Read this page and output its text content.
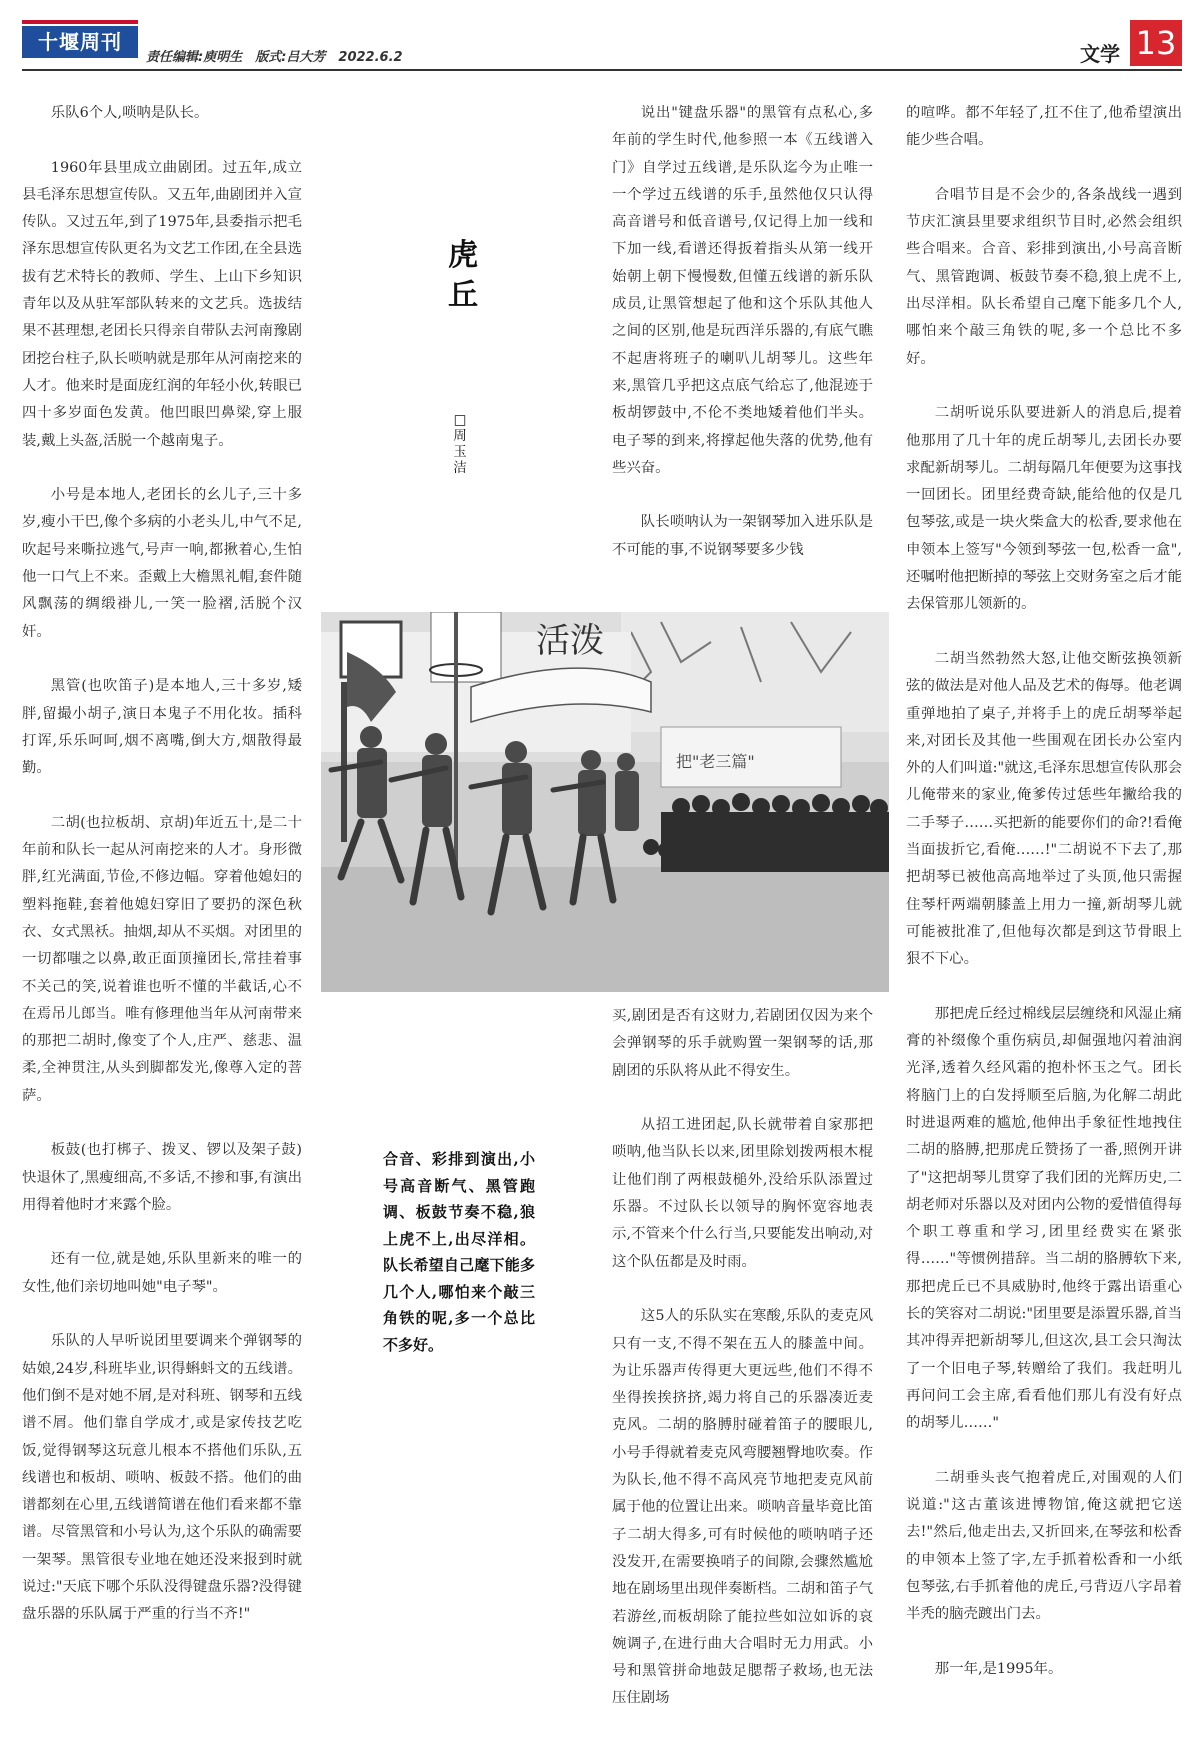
十堰周刊
责任编辑:庾明生　版式:吕大芳　2022.6.2	文学 13

乐队6个人,唢呐是队长。

1960年县里成立曲剧团。过五年,成立县毛泽东思想宣传队。又五年,曲剧团并入宣传队。又过五年,到了1975年,县委指示把毛泽东思想宣传队更名为文艺工作团,在全县选拔有艺术特长的教师、学生、上山下乡知识青年以及从驻军部队转来的文艺兵。选拔结果不甚理想,老团长只得亲自带队去河南豫剧团挖台柱子,队长唢呐就是那年从河南挖来的人才。他来时是面庞红润的年轻小伙,转眼已四十多岁面色发黄。他凹眼凹鼻梁,穿上服装,戴上头盔,活脱一个越南鬼子。

小号是本地人,老团长的幺儿子,三十多岁,瘦小干巴,像个多病的小老头儿,中气不足,吹起号来嘶拉逃气,号声一响,都揪着心,生怕他一口气上不来。歪戴上大檐黑礼帽,套件随风飘荡的绸缎褂儿,一笑一脸褶,活脱个汉奸。

黑管(也吹笛子)是本地人,三十多岁,矮胖,留撮小胡子,演日本鬼子不用化妆。插科打诨,乐乐呵呵,烟不离嘴,倒大方,烟散得最勤。

二胡(也拉板胡、京胡)年近五十,是二十年前和队长一起从河南挖来的人才。身形微胖,红光满面,节俭,不修边幅。穿着他媳妇的塑料拖鞋,套着他媳妇穿旧了要扔的深色秋衣、女式黑袄。抽烟,却从不买烟。对团里的一切都嗤之以鼻,敢正面顶撞团长,常挂着事不关己的笑,说着谁也听不懂的半截话,心不在焉吊儿郎当。唯有修理他当年从河南带来的那把二胡时,像变了个人,庄严、慈悲、温柔,全神贯注,从头到脚都发光,像尊入定的菩萨。

板鼓(也打梆子、拨叉、锣以及架子鼓)快退休了,黑瘦细高,不多话,不掺和事,有演出用得着他时才来露个脸。

还有一位,就是她,乐队里新来的唯一的女性,他们亲切地叫她"电子琴"。

乐队的人早听说团里要调来个弹钢琴的姑娘,24岁,科班毕业,识得蝌蚪文的五线谱。他们倒不是对她不屑,是对科班、钢琴和五线谱不屑。他们靠自学成才,或是家传技艺吃饭,觉得钢琴这玩意儿根本不搭他们乐队,五线谱也和板胡、唢呐、板鼓不搭。他们的曲谱都刻在心里,五线谱简谱在他们看来都不靠谱。尽管黑管和小号认为,这个乐队的确需要一架琴。黑管很专业地在她还没来报到时就说过:"天底下哪个乐队没得键盘乐器?没得键盘乐器的乐队属于严重的行当不齐!"

虎丘
□周玉洁

说出"键盘乐器"的黑管有点私心,多年前的学生时代,他参照一本《五线谱入门》自学过五线谱,是乐队迄今为止唯一一个学过五线谱的乐手,虽然他仅只认得高音谱号和低音谱号,仅记得上加一线和下加一线,看谱还得扳着指头从第一线开始朝上朝下慢慢数,但懂五线谱的新乐队成员,让黑管想起了他和这个乐队其他人之间的区别,他是玩西洋乐器的,有底气瞧不起唐将班子的喇叭儿胡琴儿。这些年来,黑管几乎把这点底气给忘了,他混迹于板胡锣鼓中,不伦不类地矮着他们半头。电子琴的到来,将撑起他失落的优势,他有些兴奋。

队长唢呐认为一架钢琴加入进乐队是不可能的事,不说钢琴要多少钱

的喧哗。都不年轻了,扛不住了,他希望演出能少些合唱。

合唱节目是不会少的,各条战线一遇到节庆汇演县里要求组织节目时,必然会组织些合唱来。合音、彩排到演出,小号高音断气、黑管跑调、板鼓节奏不稳,狼上虎不上,出尽洋相。队长希望自己麾下能多几个人,哪怕来个敲三角铁的呢,多一个总比不多好。

二胡听说乐队要进新人的消息后,提着他那用了几十年的虎丘胡琴儿,去团长办要求配新胡琴儿。二胡每隔几年便要为这事找一回团长。团里经费奇缺,能给他的仅是几包琴弦,或是一块火柴盒大的松香,要求他在申领本上签写"今领到琴弦一包,松香一盒",还嘱咐他把断掉的琴弦上交财务室之后才能去保管那儿领新的。

二胡当然勃然大怒,让他交断弦换领新弦的做法是对他人品及艺术的侮辱。他老调重弹地拍了桌子,并将手上的虎丘胡琴举起来,对团长及其他一些围观在团长办公室内外的人们叫道:"就这,毛泽东思想宣传队那会儿俺带来的家业,俺爹传过恁些年撇给我的二手琴子……买把新的能要你们的命?!看俺当面拔折它,看俺……!"二胡说不下去了,那把胡琴已被他高高地举过了头顶,他只需握住琴杆两端朝膝盖上用力一撞,新胡琴儿就可能被批准了,但他每次都是到这节骨眼上狠不下心。

那把虎丘经过棉线层层缠绕和风湿止痛膏的补缀像个重伤病员,却倔强地闪着油润光泽,透着久经风霜的抱朴怀玉之气。团长将脑门上的白发捋顺至后脑,为化解二胡此时进退两难的尴尬,他伸出手象征性地拽住二胡的胳膊,把那虎丘赞扬了一番,照例开讲了"这把胡琴儿贯穿了我们团的光辉历史,二胡老师对乐器以及对团内公物的爱惜值得每个职工尊重和学习,团里经费实在紧张得……"等惯例措辞。当二胡的胳膊软下来,那把虎丘已不具威胁时,他终于露出语重心长的笑容对二胡说:"团里要是添置乐器,首当其冲得弄把新胡琴儿,但这次,县工会只淘汰了一个旧电子琴,转赠给了我们。我赶明儿再问问工会主席,看看他们那儿有没有好点的胡琴儿……"

二胡垂头丧气抱着虎丘,对围观的人们说道:"这古董该进博物馆,俺这就把它送去!"然后,他走出去,又折回来,在琴弦和松香的申领本上签了字,左手抓着松香和一小纸包琴弦,右手抓着他的虎丘,弓背迈八字昂着半秃的脑壳踱出门去。

那一年,是1995年。

活泼
把"老三篇"

买,剧团是否有这财力,若剧团仅因为来个会弹钢琴的乐手就购置一架钢琴的话,那剧团的乐队将从此不得安生。

从招工进团起,队长就带着自家那把唢呐,他当队长以来,团里除划拨两根木棍让他们削了两根鼓槌外,没给乐队添置过乐器。不过队长以领导的胸怀宽容地表示,不管来个什么行当,只要能发出响动,对这个队伍都是及时雨。

这5人的乐队实在寒酸,乐队的麦克风只有一支,不得不架在五人的膝盖中间。为让乐器声传得更大更远些,他们不得不坐得挨挨挤挤,竭力将自己的乐器凑近麦克风。二胡的胳膊肘碰着笛子的腰眼儿,小号手得就着麦克风弯腰翘臀地吹奏。作为队长,他不得不高风亮节地把麦克风前属于他的位置让出来。唢呐音量毕竟比笛子二胡大得多,可有时候他的唢呐哨子还没发开,在需要换哨子的间隙,会骤然尴尬地在剧场里出现伴奏断档。二胡和笛子气若游丝,而板胡除了能拉些如泣如诉的哀婉调子,在进行曲大合唱时无力用武。小号和黑管拼命地鼓足腮帮子救场,也无法压住剧场

合音、彩排到演出,小号高音断气、黑管跑调、板鼓节奏不稳,狼上虎不上,出尽洋相。队长希望自己麾下能多几个人,哪怕来个敲三角铁的呢,多一个总比不多好。
